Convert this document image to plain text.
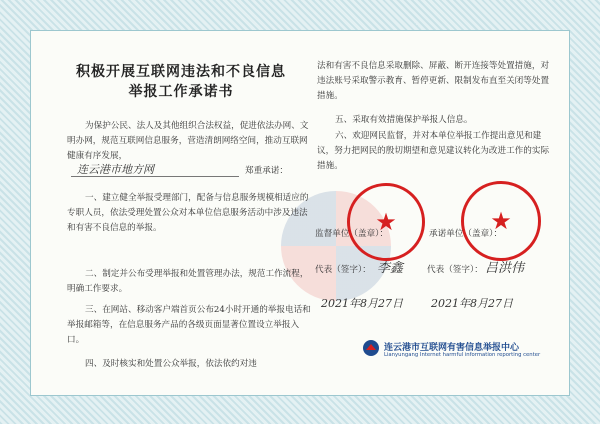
积极开展互联网违法和不良信息
举报工作承诺书
为保护公民、法人及其他组织合法权益，促进依法办网、文明办网，规范互联网信息服务，营造清朗网络空间，推动互联网健康有序发展，
连云港市地方网	郑重承诺：
一、建立健全举报受理部门，配备与信息服务规模相适应的专职人员，依法受理处置公众对本单位信息服务活动中涉及违法和有害不良信息的举报。
二、制定并公布受理举报和处置管理办法，规范工作流程，明确工作要求。
三、在网站、移动客户端首页公布24小时开通的举报电话和举报邮箱等，在信息服务产品的各级页面显著位置设立举报入口。
四、及时核实和处置公众举报，依法依约对违
法和有害不良信息采取删除、屏蔽、断开连接等处置措施，对违法账号采取警示教育、暂停更新、限制发布直至关闭等处置措施。
五、采取有效措施保护举报人信息。
六、欢迎网民监督，并对本单位举报工作提出意见和建议，努力把网民的殷切期望和意见建议转化为改进工作的实际措施。
★	★
监督单位（盖章）：	承诺单位（盖章）：
代表（签字）： 李鑫	代表（签字）： 吕洪伟
2021年8月27日	2021年8月27日
连云港市互联网有害信息举报中心
Lianyungang Internet harmful information reporting center
